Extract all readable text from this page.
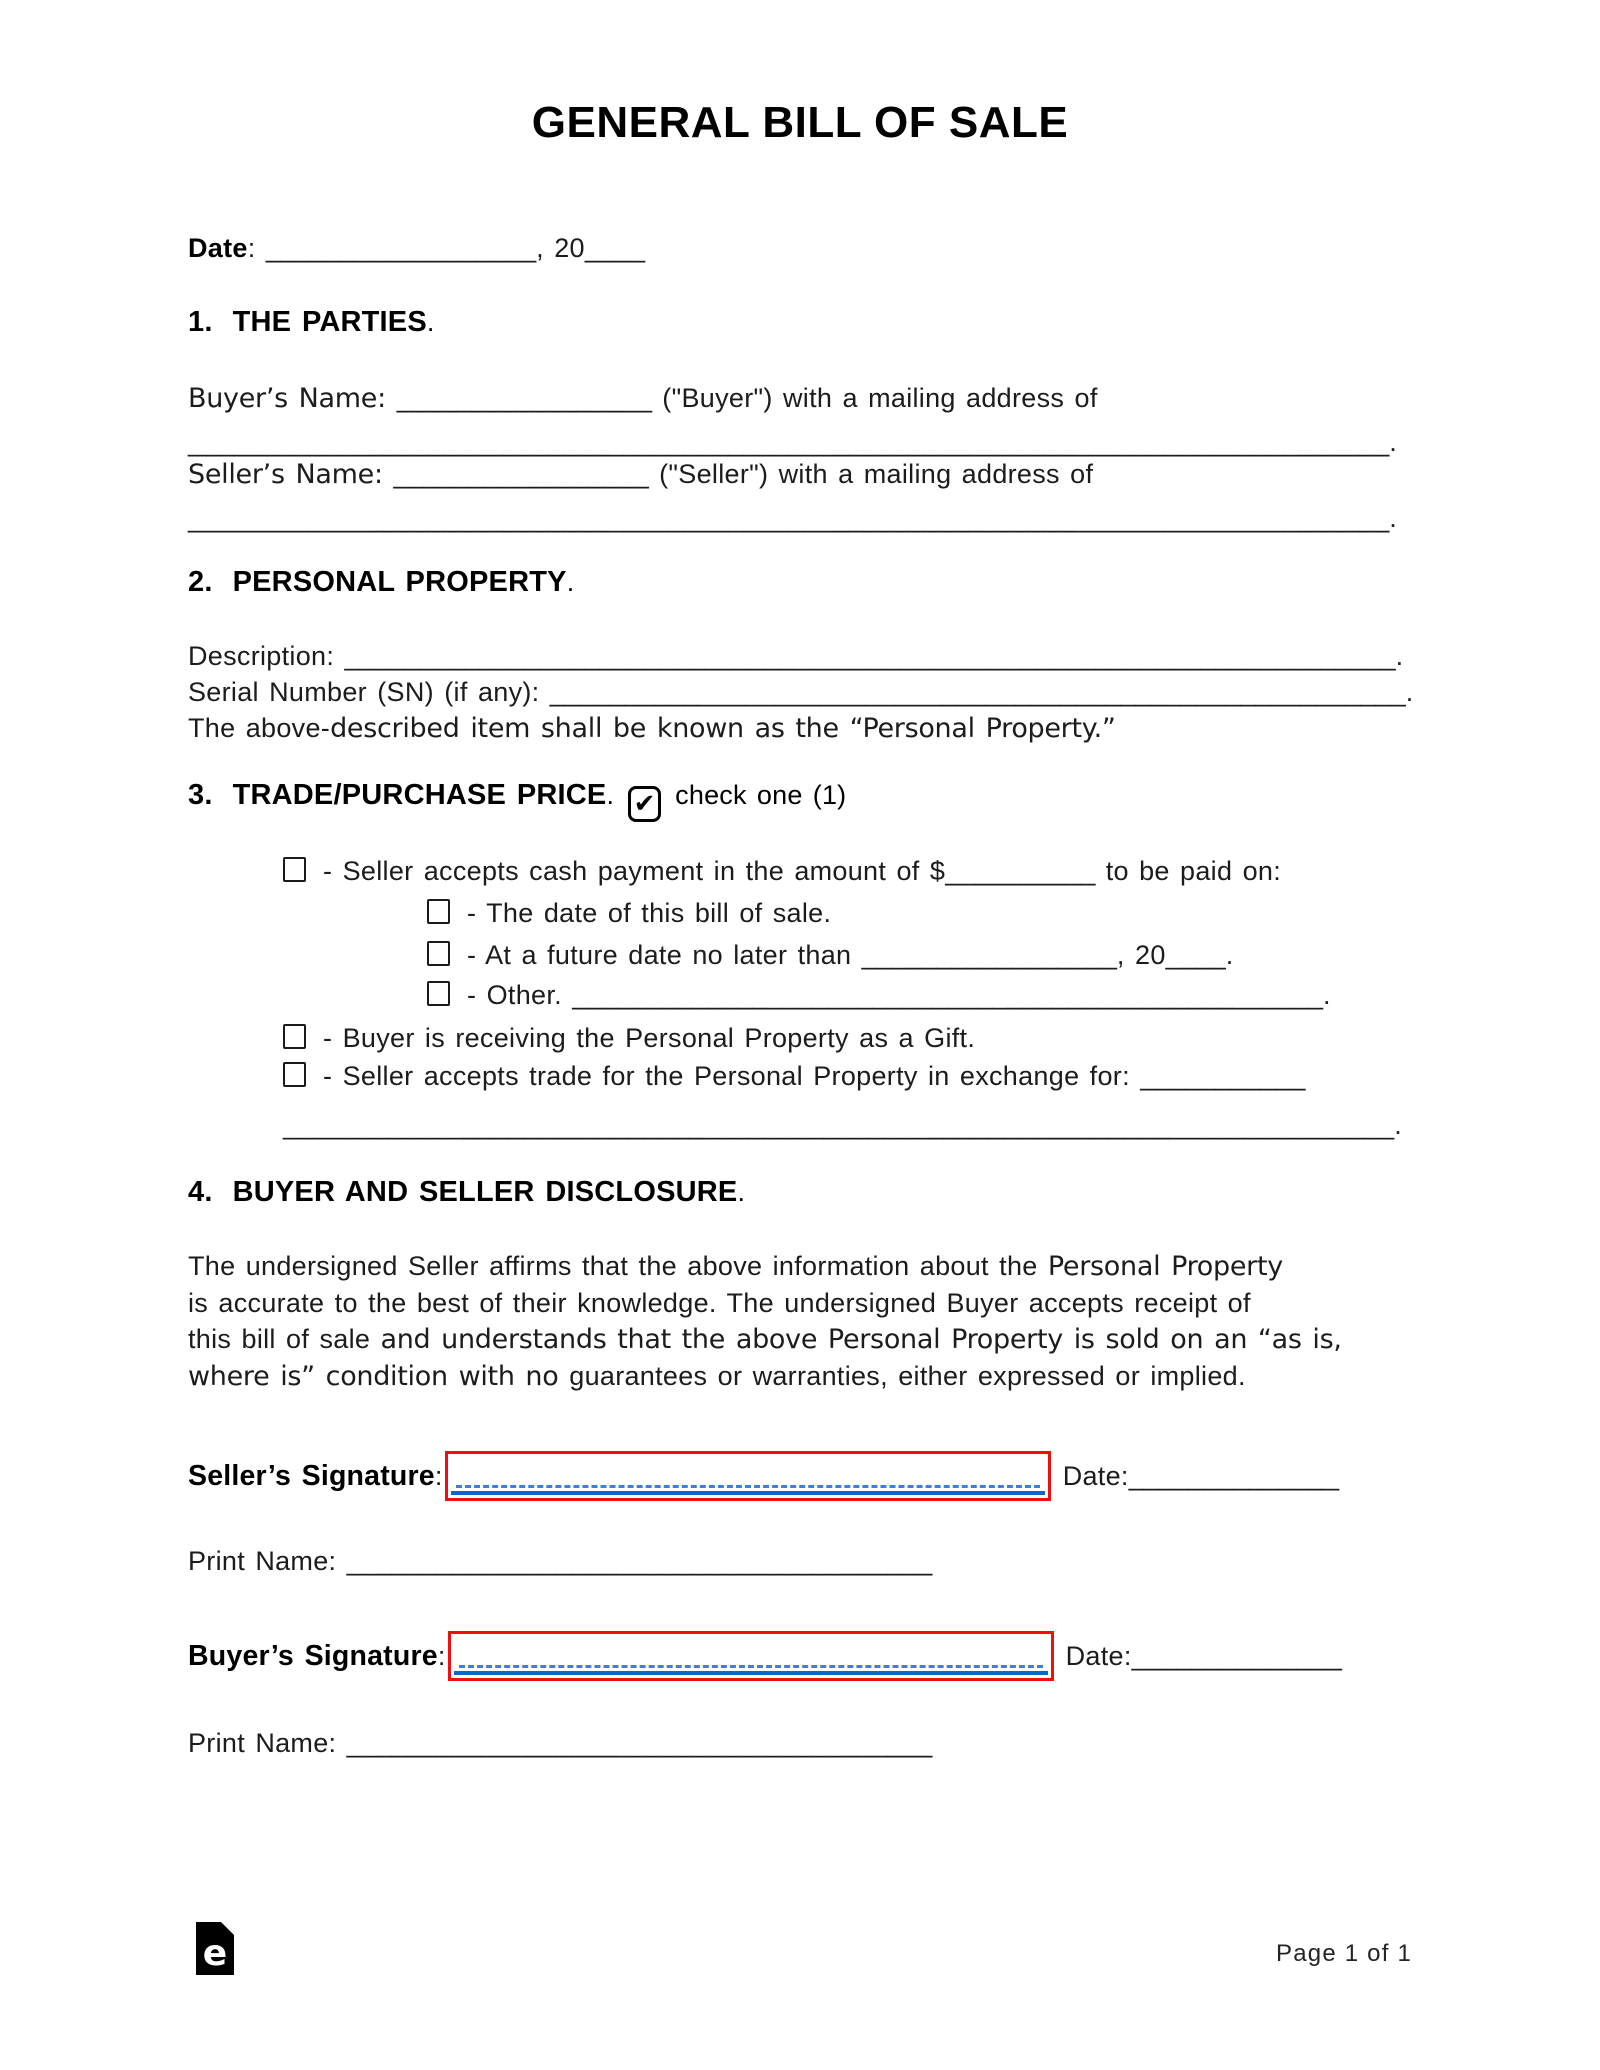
GENERAL BILL OF SALE
Date: __________________, 20____
1. THE PARTIES.
Buyer’s Name: _________________ ("Buyer") with a mailing address of
________________________________________________________________________________.
Seller’s Name: _________________ ("Seller") with a mailing address of
________________________________________________________________________________.
2. PERSONAL PROPERTY.
Description: ______________________________________________________________________.
Serial Number (SN) (if any): _________________________________________________________.
The above-described item shall be known as the “Personal Property.”
3. TRADE/PURCHASE PRICE. ✔ check one (1)
- Seller accepts cash payment in the amount of $__________ to be paid on:
- The date of this bill of sale.
- At a future date no later than _________________, 20____.
- Other. __________________________________________________.
- Buyer is receiving the Personal Property as a Gift.
- Seller accepts trade for the Personal Property in exchange for: ___________
__________________________________________________________________________.
4. BUYER AND SELLER DISCLOSURE.
The undersigned Seller affirms that the above information about the Personal Property
is accurate to the best of their knowledge. The undersigned Buyer accepts receipt of
this bill of sale and understands that the above Personal Property is sold on an “as is,
where is” condition with no guarantees or warranties, either expressed or implied.
Seller’s Signature :	Date: ______________
Print Name: _______________________________________
Buyer’s Signature :	Date: ______________
Print Name: _______________________________________
e	Page 1 of 1
